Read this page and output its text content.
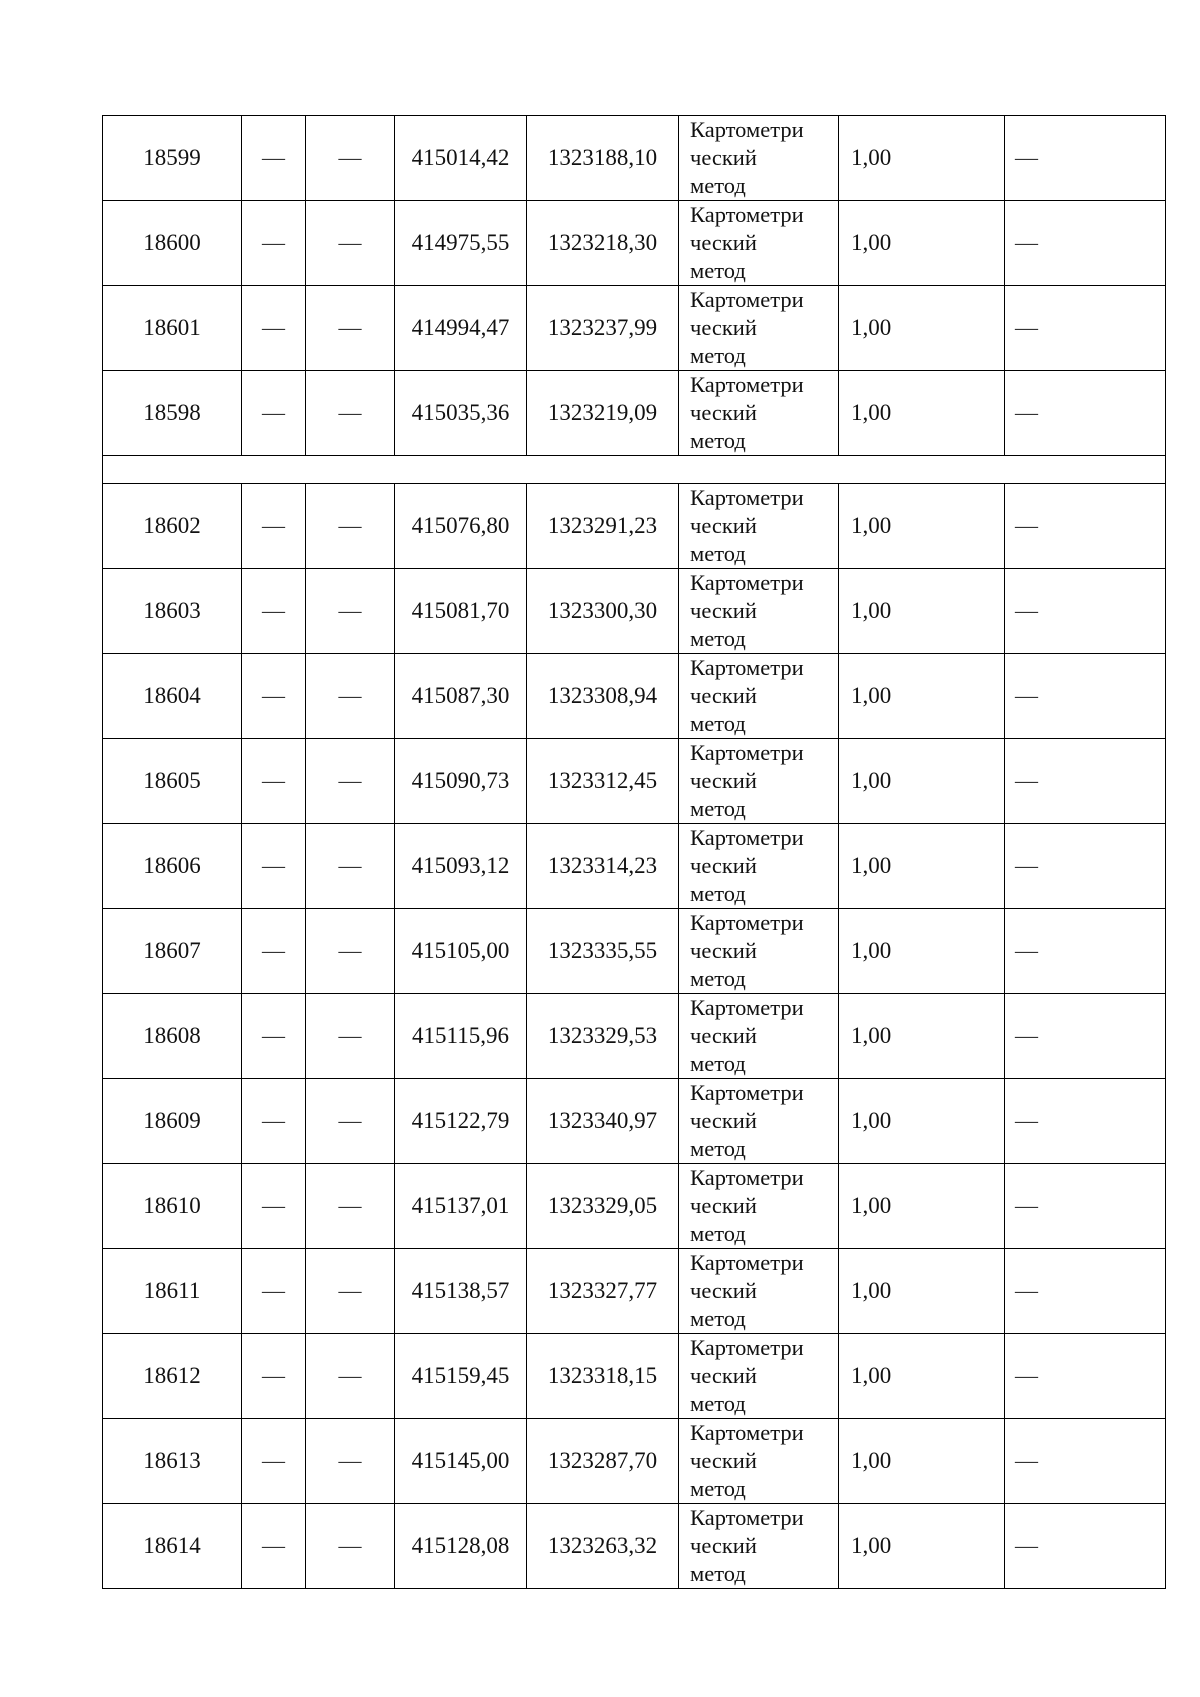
18599	—	—	415014,42	1323188,10	Картометри
ческий
метод	1,00	—
18600	—	—	414975,55	1323218,30	Картометри
ческий
метод	1,00	—
18601	—	—	414994,47	1323237,99	Картометри
ческий
метод	1,00	—
18598	—	—	415035,36	1323219,09	Картометри
ческий
метод	1,00	—

18602	—	—	415076,80	1323291,23	Картометри
ческий
метод	1,00	—
18603	—	—	415081,70	1323300,30	Картометри
ческий
метод	1,00	—
18604	—	—	415087,30	1323308,94	Картометри
ческий
метод	1,00	—
18605	—	—	415090,73	1323312,45	Картометри
ческий
метод	1,00	—
18606	—	—	415093,12	1323314,23	Картометри
ческий
метод	1,00	—
18607	—	—	415105,00	1323335,55	Картометри
ческий
метод	1,00	—
18608	—	—	415115,96	1323329,53	Картометри
ческий
метод	1,00	—
18609	—	—	415122,79	1323340,97	Картометри
ческий
метод	1,00	—
18610	—	—	415137,01	1323329,05	Картометри
ческий
метод	1,00	—
18611	—	—	415138,57	1323327,77	Картометри
ческий
метод	1,00	—
18612	—	—	415159,45	1323318,15	Картометри
ческий
метод	1,00	—
18613	—	—	415145,00	1323287,70	Картометри
ческий
метод	1,00	—
18614	—	—	415128,08	1323263,32	Картометри
ческий
метод	1,00	—
